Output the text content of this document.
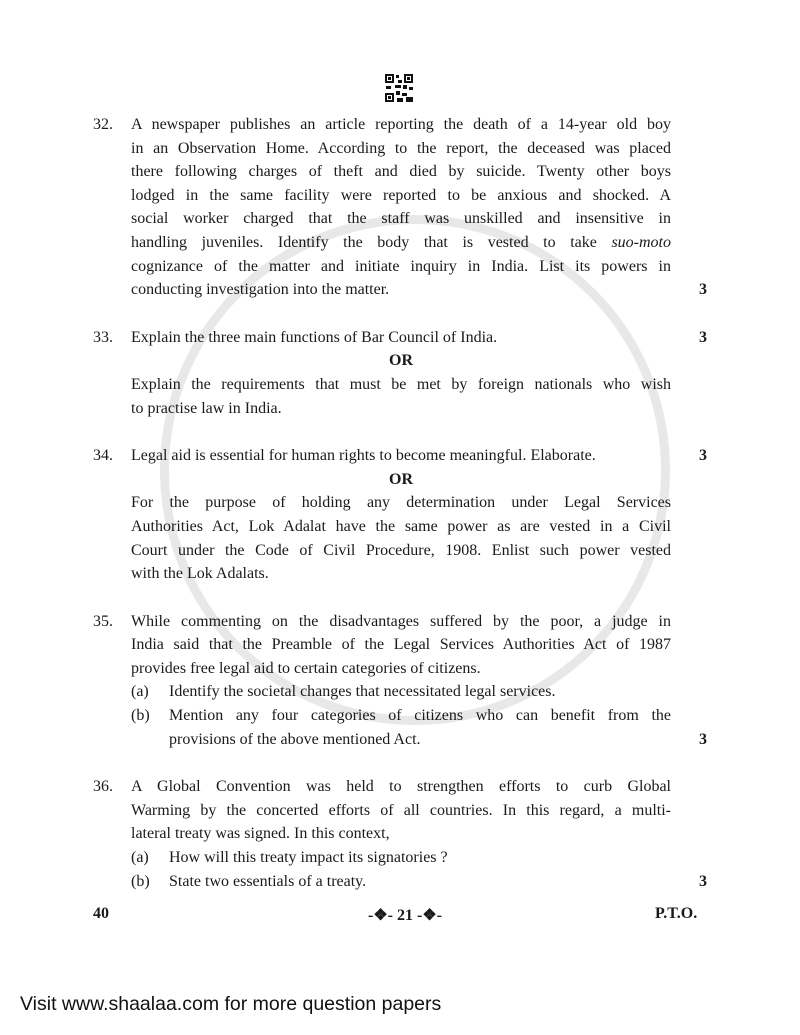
32.	A newspaper publishes an article reporting the death of a 14-year old boy
in an Observation Home. According to the report, the deceased was placed
there following charges of theft and died by suicide. Twenty other boys
lodged in the same facility were reported to be anxious and shocked. A
social worker charged that the staff was unskilled and insensitive in
handling juveniles. Identify the body that is vested to take suo-moto
cognizance of the matter and initiate inquiry in India. List its powers in
conducting investigation into the matter.	3
33.	Explain the three main functions of Bar Council of India.
OR
Explain the requirements that must be met by foreign nationals who wish
to practise law in India.
3
34.	Legal aid is essential for human rights to become meaningful. Elaborate.
OR
For the purpose of holding any determination under Legal Services
Authorities Act, Lok Adalat have the same power as are vested in a Civil
Court under the Code of Civil Procedure, 1908. Enlist such power vested
with the Lok Adalats.
3
35.	While commenting on the disadvantages suffered by the poor, a judge in
India said that the Preamble of the Legal Services Authorities Act of 1987
provides free legal aid to certain categories of citizens.
(a)	Identify the societal changes that necessitated legal services.
(b)	Mention any four categories of citizens who can benefit from the
provisions of the above mentioned Act.	3
36.	A Global Convention was held to strengthen efforts to curb Global
Warming by the concerted efforts of all countries. In this regard, a multi-
lateral treaty was signed. In this context,
(a)	How will this treaty impact its signatories ?
(b)	State two essentials of a treaty.	3
40	-❖- 21 -❖-	P.T.O.
Visit www.shaalaa.com for more question papers
